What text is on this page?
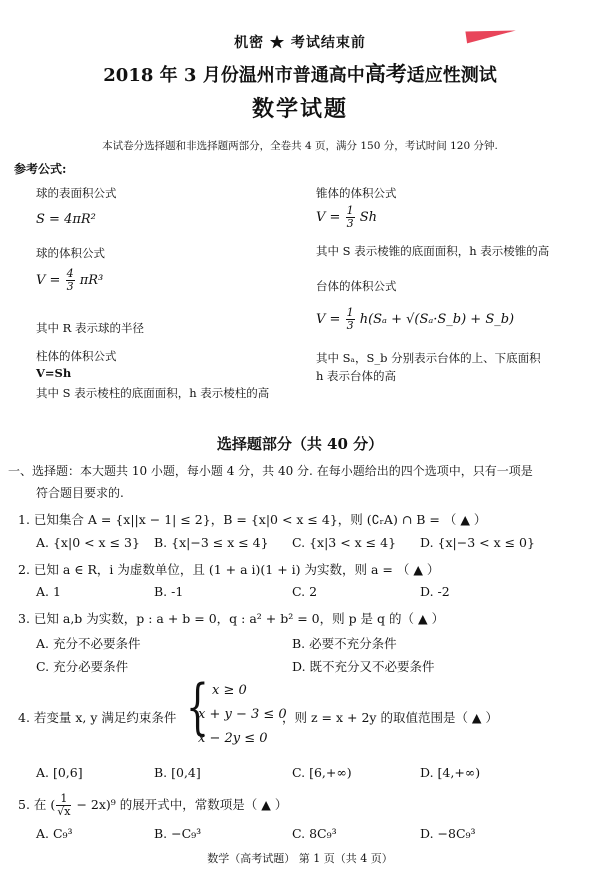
机密 ★ 考试结束前
2018 年 3 月份温州市普通高中高考适应性测试
数学试题
本试卷分选择题和非选择题两部分，全卷共 4 页，满分 150 分，考试时间 120 分钟.
参考公式:
球的表面积公式
S = 4πR²
球的体积公式
$V = \frac{4}{3} \pi R^3$
其中 R 表示球的半径
柱体的体积公式
V=Sh
其中 S 表示棱柱的底面面积，h 表示棱柱的高
锥体的体积公式
$V = \frac{1}{3}$ Sh
其中 S 表示棱锥的底面面积，h 表示棱锥的高
台体的体积公式
$V = \frac{1}{3} h(S_a$ + √(Sₐ·S_b) + S_b)
其中 Sₐ，S_b 分别表示台体的上、下底面积
h 表示台体的高
选择题部分（共 40 分）
一、选择题：本大题共 10 小题，每小题 4 分，共 40 分. 在每小题给出的四个选项中，只有一项是
符合题目要求的.
1. 已知集合 A = {x||x − 1| ≤ 2}，B = {x|0 < x ≤ 4}，则 (∁ᵣA) ∩ B = （ ▲ ）
A. {x|0 < x ≤ 3} B. {x|−3 ≤ x ≤ 4} C. {x|3 < x ≤ 4} D. {x|−3 < x ≤ 0}
2. 已知 a ∈ R，i 为虚数单位，且 (1 + a i)(1 + i) 为实数，则 a = （ ▲ ）
A. 1	B. -1	C. 2	D. -2
3. 已知 a,b 为实数，p : a + b = 0，q : a² + b² = 0，则 p 是 q 的（ ▲ ）
A. 充分不必要条件	B. 必要不充分条件
C. 充分必要条件	D. 既不充分又不必要条件
4. 若变量 x, y 满足约束条件 { x ≥ 0
x + y − 3 ≤ 0
x − 2y ≤ 0
，则 z = x + 2y 的取值范围是（ ▲ ）
A. [0,6]	B. [0,4]	C. [6,+∞)	D. [4,+∞)
5. 在 ( $\frac{1}{√x} - 2x)^9$ 的展开式中，常数项是（ ▲ ）
A. C₉³	B. −C₉³	C. 8C₉³	D. −8C₉³
数学（高考试题） 第 1 页（共 4 页）
